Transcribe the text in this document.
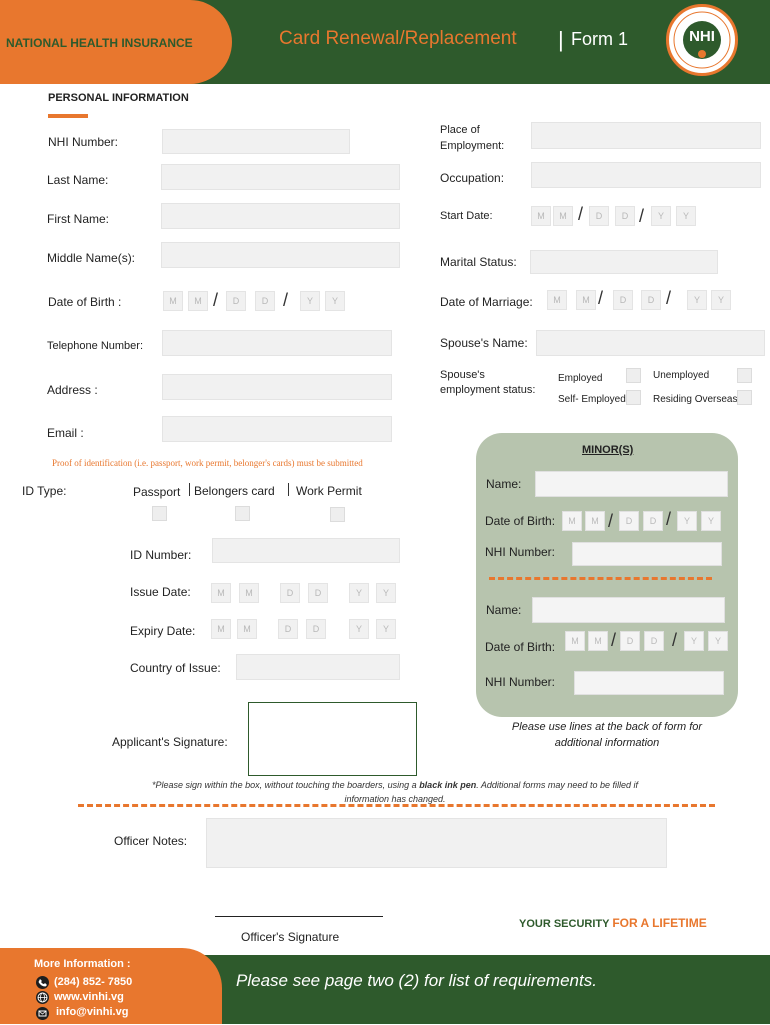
NATIONAL HEALTH INSURANCE	Card Renewal/Replacement | Form 1	NHI
PERSONAL INFORMATION
NHI Number:
Last Name:
First Name:
Middle Name(s):
Date of Birth :	M	M /	D	D /	Y	Y
Telephone Number:
Address :
Email :
Place of
Employment:
Occupation:
Start Date:	M	M /	D	D /	Y	Y
Marital Status:
Date of Marriage:	M	M /	D	D /	Y	Y
Spouse's Name:
Spouse's
employment status:
Employed	Unemployed
Self- Employed	Residing Overseas
Proof of identification (i.e. passport, work permit, belonger's cards) must be submitted
ID Type:	Passport Belongers card Work Permit
ID Number:
Issue Date:	M	M	D	D	Y	Y
Expiry Date:	M	M	D	D	Y	Y
Country of Issue:
MINOR(S)
Name:
Date of Birth:	M	M /	D	D /	Y	Y
NHI Number:
Name:
Date of Birth:	M	M /	D	D /	Y	Y
NHI Number:
Please use lines at the back of form for
additional information
Applicant's Signature:
*Please sign within the box, without touching the boarders, using a black ink pen. Additional forms may need to be filled if
information has changed.
Officer Notes:
Officer's Signature
YOUR SECURITY FOR A LIFETIME
More Information :
(284) 852- 7850
www.vinhi.vg
info@vinhi.vg
Please see page two (2) for list of requirements.
